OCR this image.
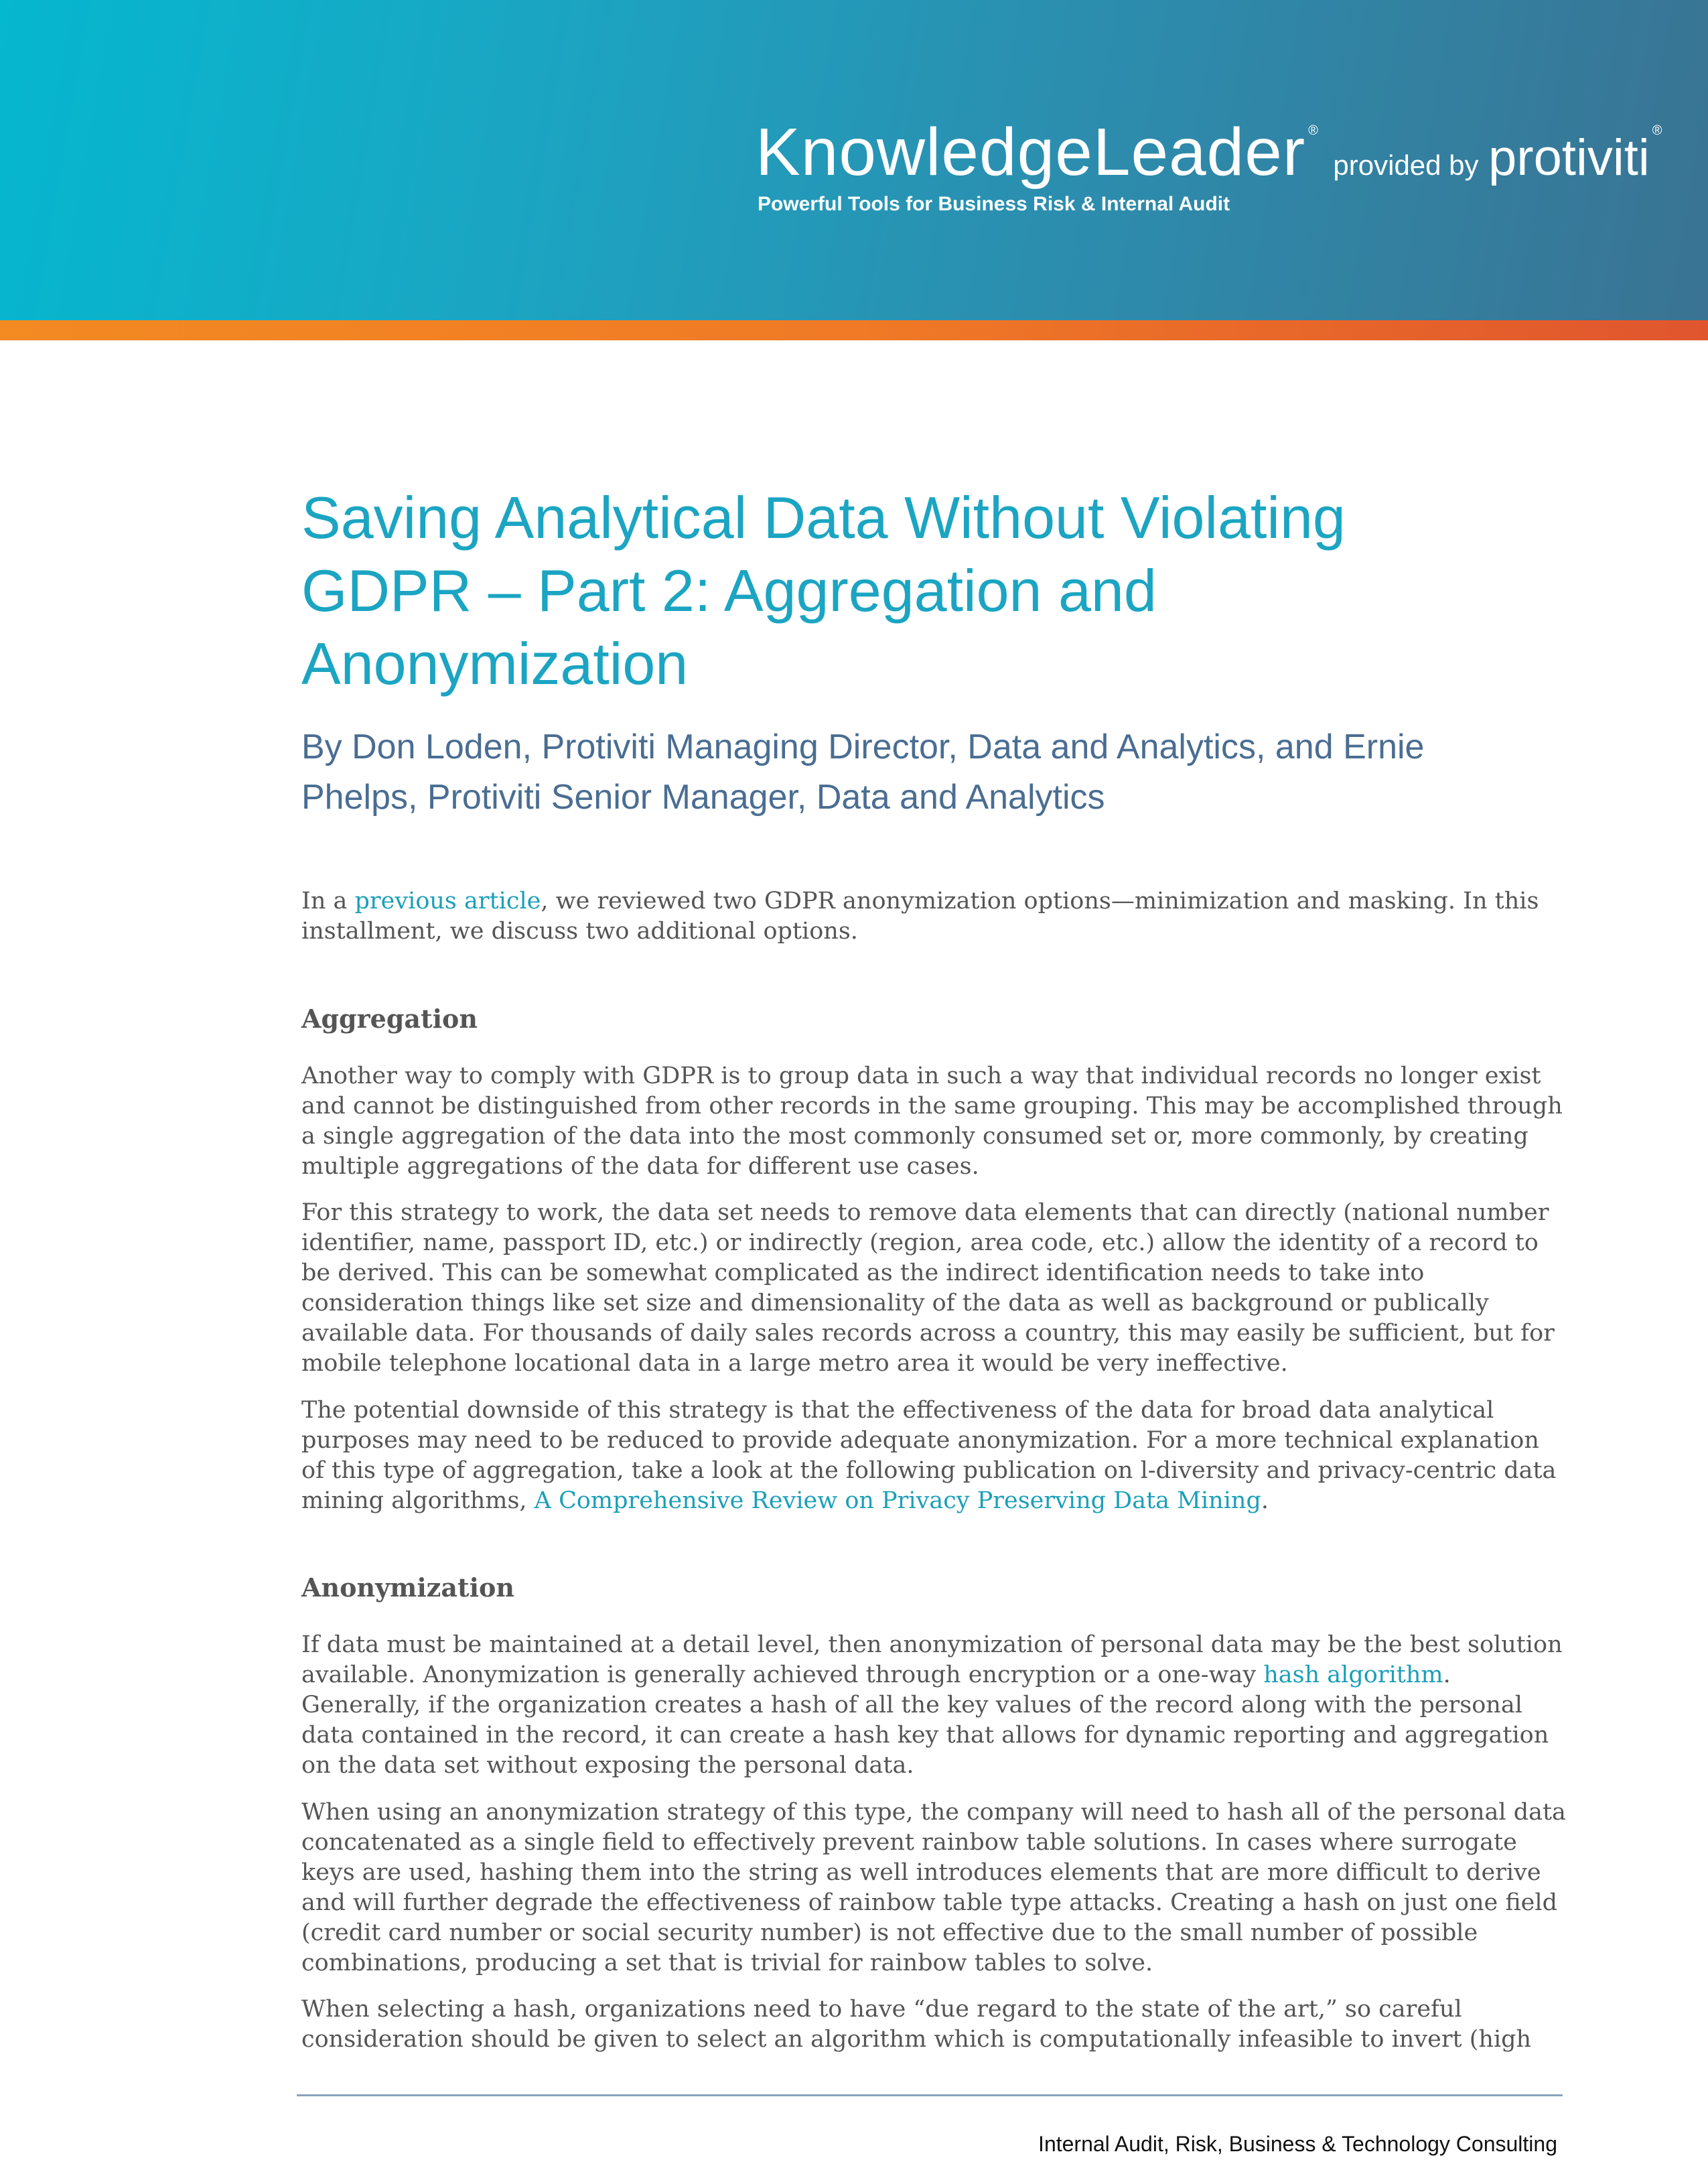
KnowledgeLeader ® provided by protiviti ®
Powerful Tools for Business Risk & Internal Audit
Saving Analytical Data Without Violating GDPR – Part 2: Aggregation and Anonymization

By Don Loden, Protiviti Managing Director, Data and Analytics, and Ernie Phelps, Protiviti Senior Manager, Data and Analytics

In a previous article, we reviewed two GDPR anonymization options—minimization and masking. In this installment, we discuss two additional options.

Aggregation

Another way to comply with GDPR is to group data in such a way that individual records no longer exist and cannot be distinguished from other records in the same grouping. This may be accomplished through a single aggregation of the data into the most commonly consumed set or, more commonly, by creating multiple aggregations of the data for different use cases.

For this strategy to work, the data set needs to remove data elements that can directly (national number identifier, name, passport ID, etc.) or indirectly (region, area code, etc.) allow the identity of a record to be derived. This can be somewhat complicated as the indirect identification needs to take into consideration things like set size and dimensionality of the data as well as background or publically available data. For thousands of daily sales records across a country, this may easily be sufficient, but for mobile telephone locational data in a large metro area it would be very ineffective.

The potential downside of this strategy is that the effectiveness of the data for broad data analytical purposes may need to be reduced to provide adequate anonymization. For a more technical explanation of this type of aggregation, take a look at the following publication on l-diversity and privacy-centric data mining algorithms, A Comprehensive Review on Privacy Preserving Data Mining.

Anonymization

If data must be maintained at a detail level, then anonymization of personal data may be the best solution available. Anonymization is generally achieved through encryption or a one-way hash algorithm. Generally, if the organization creates a hash of all the key values of the record along with the personal data contained in the record, it can create a hash key that allows for dynamic reporting and aggregation on the data set without exposing the personal data.

When using an anonymization strategy of this type, the company will need to hash all of the personal data concatenated as a single field to effectively prevent rainbow table solutions. In cases where surrogate keys are used, hashing them into the string as well introduces elements that are more difficult to derive and will further degrade the effectiveness of rainbow table type attacks. Creating a hash on just one field (credit card number or social security number) is not effective due to the small number of possible combinations, producing a set that is trivial for rainbow tables to solve.

When selecting a hash, organizations need to have “due regard to the state of the art,” so careful consideration should be given to select an algorithm which is computationally infeasible to invert (high

Internal Audit, Risk, Business & Technology Consulting
